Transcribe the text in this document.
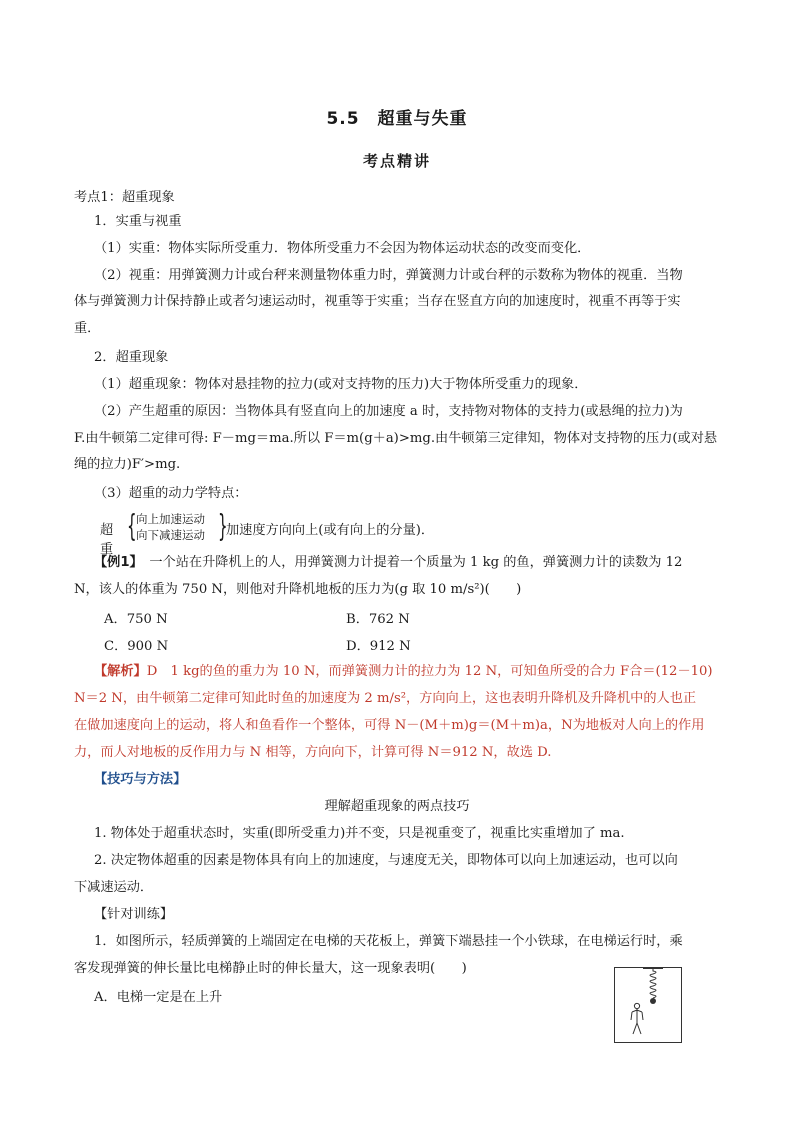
5.5　超重与失重
考点精讲
考点1：超重现象
1．实重与视重
（1）实重：物体实际所受重力．物体所受重力不会因为物体运动状态的改变而变化．
（2）视重：用弹簧测力计或台秤来测量物体重力时，弹簧测力计或台秤的示数称为物体的视重．当物
体与弹簧测力计保持静止或者匀速运动时，视重等于实重；当存在竖直方向的加速度时，视重不再等于实
重．
2．超重现象
（1）超重现象：物体对悬挂物的拉力(或对支持物的压力)大于物体所受重力的现象．
（2）产生超重的原因：当物体具有竖直向上的加速度 a 时，支持物对物体的支持力(或悬绳的拉力)为
F.由牛顿第二定律可得: F－mg＝ma.所以 F＝m(g＋a)>mg.由牛顿第三定律知，物体对支持物的压力(或对悬
绳的拉力)F′>mg.
（3）超重的动力学特点：
超重
{ 向上加速运动
向下减速运动 }
加速度方向向上(或有向上的分量)．
【例1】　一个站在升降机上的人，用弹簧测力计提着一个质量为 1 kg 的鱼，弹簧测力计的读数为 12
N，该人的体重为 750 N，则他对升降机地板的压力为(g 取 10 m/s²)(　　)
A．750 N	B．762 N
C．900 N	D．912 N
【解析】D　1 kg的鱼的重力为 10 N，而弹簧测力计的拉力为 12 N，可知鱼所受的合力 F合＝(12－10)
N＝2 N，由牛顿第二定律可知此时鱼的加速度为 2 m/s²，方向向上，这也表明升降机及升降机中的人也正
在做加速度向上的运动，将人和鱼看作一个整体，可得 N－(M＋m)g＝(M＋m)a，N为地板对人向上的作用
力，而人对地板的反作用力与 N 相等，方向向下，计算可得 N＝912 N，故选 D.
【技巧与方法】
理解超重现象的两点技巧
1. 物体处于超重状态时，实重(即所受重力)并不变，只是视重变了，视重比实重增加了 ma.
2. 决定物体超重的因素是物体具有向上的加速度，与速度无关，即物体可以向上加速运动，也可以向
下减速运动．
【针对训练】
1．如图所示，轻质弹簧的上端固定在电梯的天花板上，弹簧下端悬挂一个小铁球，在电梯运行时，乘
客发现弹簧的伸长量比电梯静止时的伸长量大，这一现象表明(　　)
A．电梯一定是在上升
